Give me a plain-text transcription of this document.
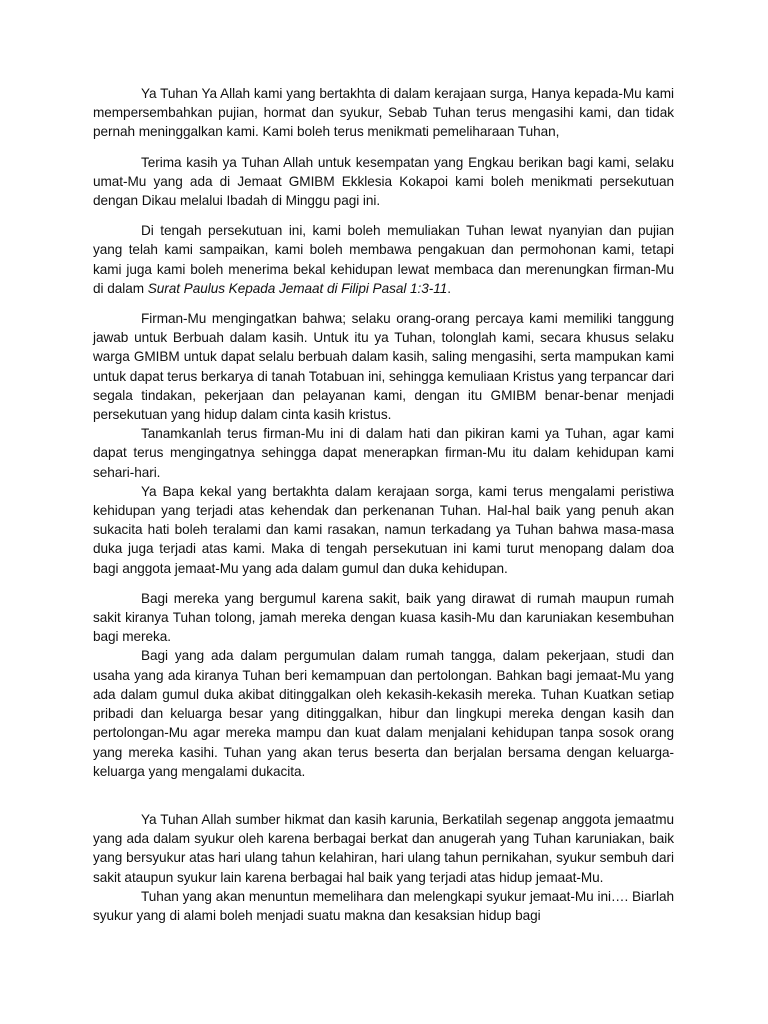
Ya Tuhan Ya Allah kami yang bertakhta di dalam kerajaan surga, Hanya kepada-Mu kami mempersembahkan pujian, hormat dan syukur, Sebab Tuhan terus mengasihi kami, dan tidak pernah meninggalkan kami. Kami boleh terus menikmati pemeliharaan Tuhan,

Terima kasih ya Tuhan Allah untuk kesempatan yang Engkau berikan bagi kami, selaku umat-Mu yang ada di Jemaat GMIBM Ekklesia Kokapoi kami boleh menikmati persekutuan dengan Dikau melalui Ibadah di Minggu pagi ini.

Di tengah persekutuan ini, kami boleh memuliakan Tuhan lewat nyanyian dan pujian yang telah kami sampaikan, kami boleh membawa pengakuan dan permohonan kami, tetapi kami juga kami boleh menerima bekal kehidupan lewat membaca dan merenungkan firman-Mu di dalam Surat Paulus Kepada Jemaat di Filipi Pasal 1:3-11.

Firman-Mu mengingatkan bahwa; selaku orang-orang percaya kami memiliki tanggung jawab untuk Berbuah dalam kasih. Untuk itu ya Tuhan, tolonglah kami, secara khusus selaku warga GMIBM untuk dapat selalu berbuah dalam kasih, saling mengasihi, serta mampukan kami untuk dapat terus berkarya di tanah Totabuan ini, sehingga kemuliaan Kristus yang terpancar dari segala tindakan, pekerjaan dan pelayanan kami, dengan itu GMIBM benar-benar menjadi persekutuan yang hidup dalam cinta kasih kristus.

Tanamkanlah terus firman-Mu ini di dalam hati dan pikiran kami ya Tuhan, agar kami dapat terus mengingatnya sehingga dapat menerapkan firman-Mu itu dalam kehidupan kami sehari-hari.

Ya Bapa kekal yang bertakhta dalam kerajaan sorga, kami terus mengalami peristiwa kehidupan yang terjadi atas kehendak dan perkenanan Tuhan. Hal-hal baik yang penuh akan sukacita hati boleh teralami dan kami rasakan, namun terkadang ya Tuhan bahwa masa-masa duka juga terjadi atas kami. Maka di tengah persekutuan ini kami turut menopang dalam doa bagi anggota jemaat-Mu yang ada dalam gumul dan duka kehidupan.

Bagi mereka yang bergumul karena sakit, baik yang dirawat di rumah maupun rumah sakit kiranya Tuhan tolong, jamah mereka dengan kuasa kasih-Mu dan karuniakan kesembuhan bagi mereka.

Bagi yang ada dalam pergumulan dalam rumah tangga, dalam pekerjaan, studi dan usaha yang ada kiranya Tuhan beri kemampuan dan pertolongan. Bahkan bagi jemaat-Mu yang ada dalam gumul duka akibat ditinggalkan oleh kekasih-kekasih mereka. Tuhan Kuatkan setiap pribadi dan keluarga besar yang ditinggalkan, hibur dan lingkupi mereka dengan kasih dan pertolongan-Mu agar mereka mampu dan kuat dalam menjalani kehidupan tanpa sosok orang yang mereka kasihi. Tuhan yang akan terus beserta dan berjalan bersama dengan keluarga-keluarga yang mengalami dukacita.

Ya Tuhan Allah sumber hikmat dan kasih karunia, Berkatilah segenap anggota jemaatmu yang ada dalam syukur oleh karena berbagai berkat dan anugerah yang Tuhan karuniakan, baik yang bersyukur atas hari ulang tahun kelahiran, hari ulang tahun pernikahan, syukur sembuh dari sakit ataupun syukur lain karena berbagai hal baik yang terjadi atas hidup jemaat-Mu.

Tuhan yang akan menuntun memelihara dan melengkapi syukur jemaat-Mu ini…. Biarlah syukur yang di alami boleh menjadi suatu makna dan kesaksian hidup bagi
